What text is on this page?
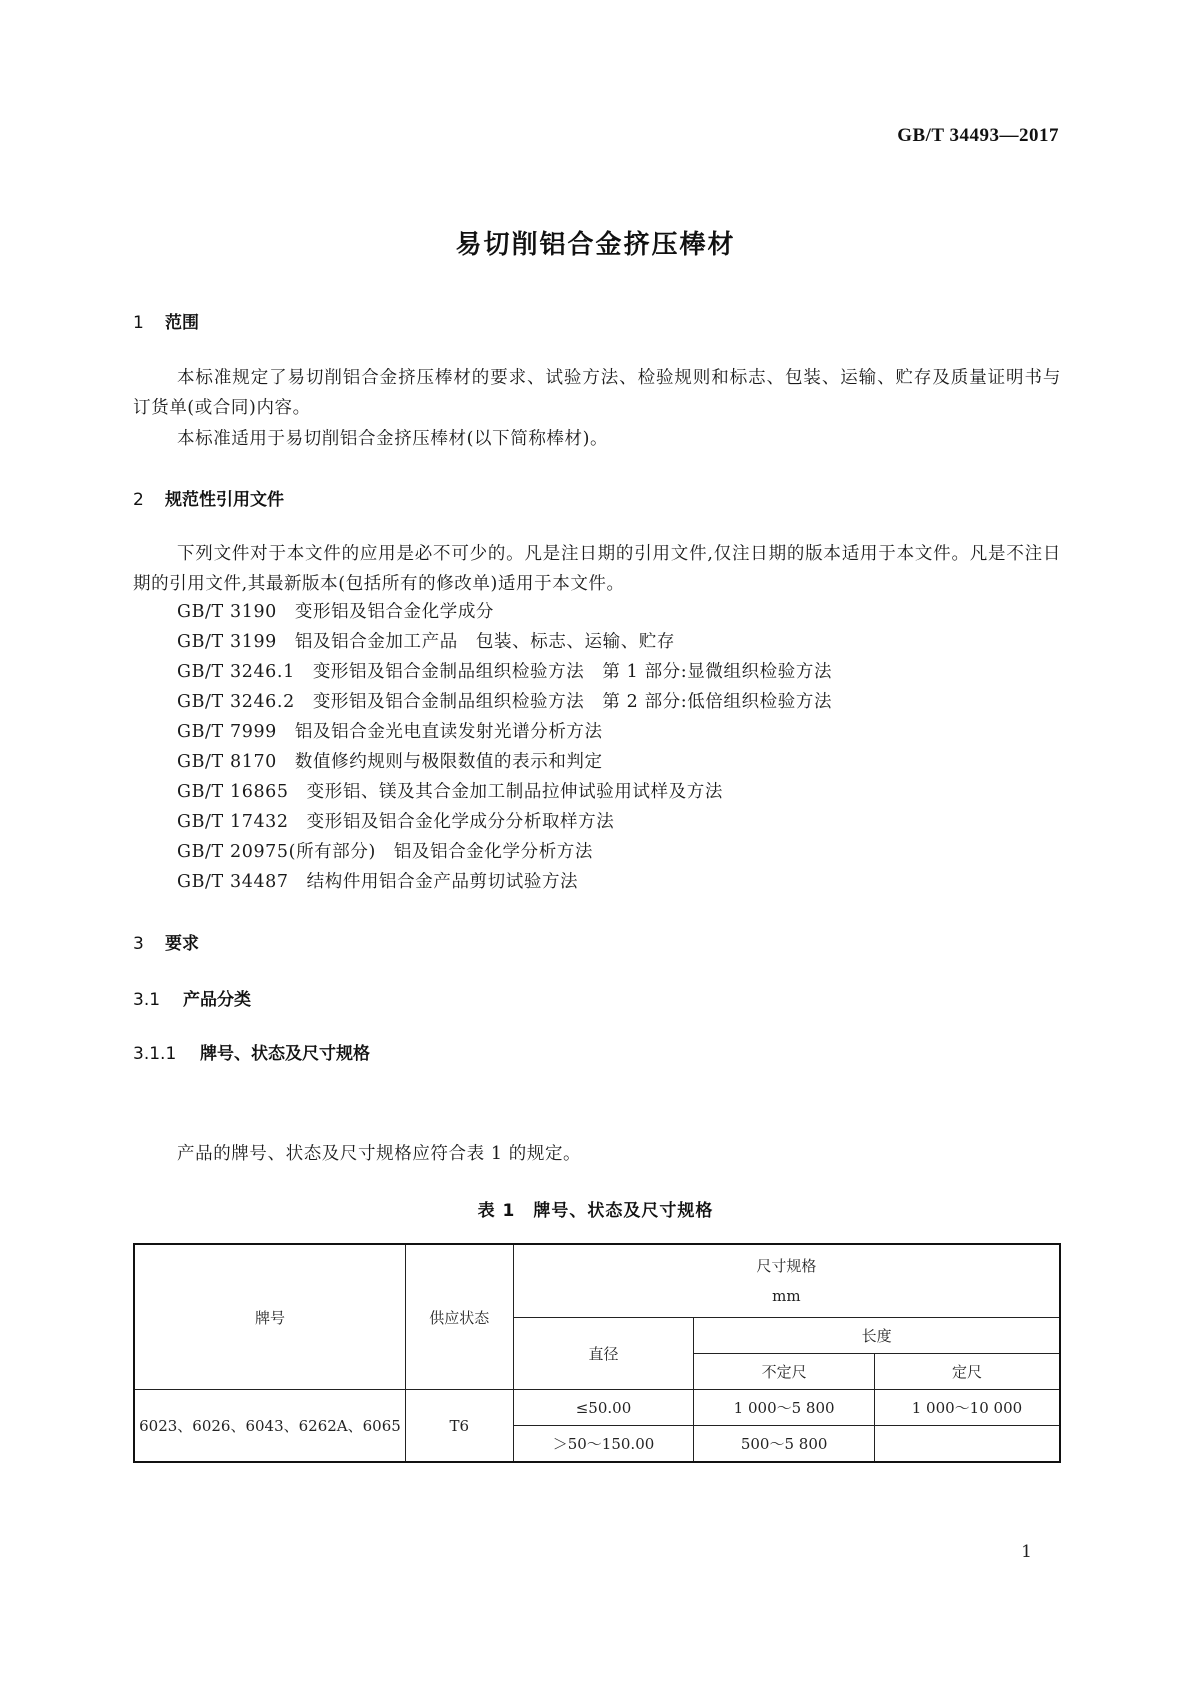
GB/T 34493—2017
易切削铝合金挤压棒材
1 范围
本标准规定了易切削铝合金挤压棒材的要求、试验方法、检验规则和标志、包装、运输、贮存及质量证明书与订货单(或合同)内容。
本标准适用于易切削铝合金挤压棒材(以下简称棒材)。
2 规范性引用文件
下列文件对于本文件的应用是必不可少的。凡是注日期的引用文件,仅注日期的版本适用于本文件。凡是不注日期的引用文件,其最新版本(包括所有的修改单)适用于本文件。
GB/T 3190 变形铝及铝合金化学成分
GB/T 3199 铝及铝合金加工产品　包装、标志、运输、贮存
GB/T 3246.1 变形铝及铝合金制品组织检验方法　第 1 部分:显微组织检验方法
GB/T 3246.2 变形铝及铝合金制品组织检验方法　第 2 部分:低倍组织检验方法
GB/T 7999 铝及铝合金光电直读发射光谱分析方法
GB/T 8170 数值修约规则与极限数值的表示和判定
GB/T 16865 变形铝、镁及其合金加工制品拉伸试验用试样及方法
GB/T 17432 变形铝及铝合金化学成分分析取样方法
GB/T 20975(所有部分) 铝及铝合金化学分析方法
GB/T 34487 结构件用铝合金产品剪切试验方法
3 要求
3.1 产品分类
3.1.1 牌号、状态及尺寸规格
产品的牌号、状态及尺寸规格应符合表 1 的规定。
表 1　牌号、状态及尺寸规格
牌号	供应状态	尺寸规格
mm		

		直径	长度	
			不定尺	定尺
6023、6026、6043、6262A、6065	T6	≤50.00	1 000～5 800	1 000～10 000
		＞50～150.00	500～5 800	
1
